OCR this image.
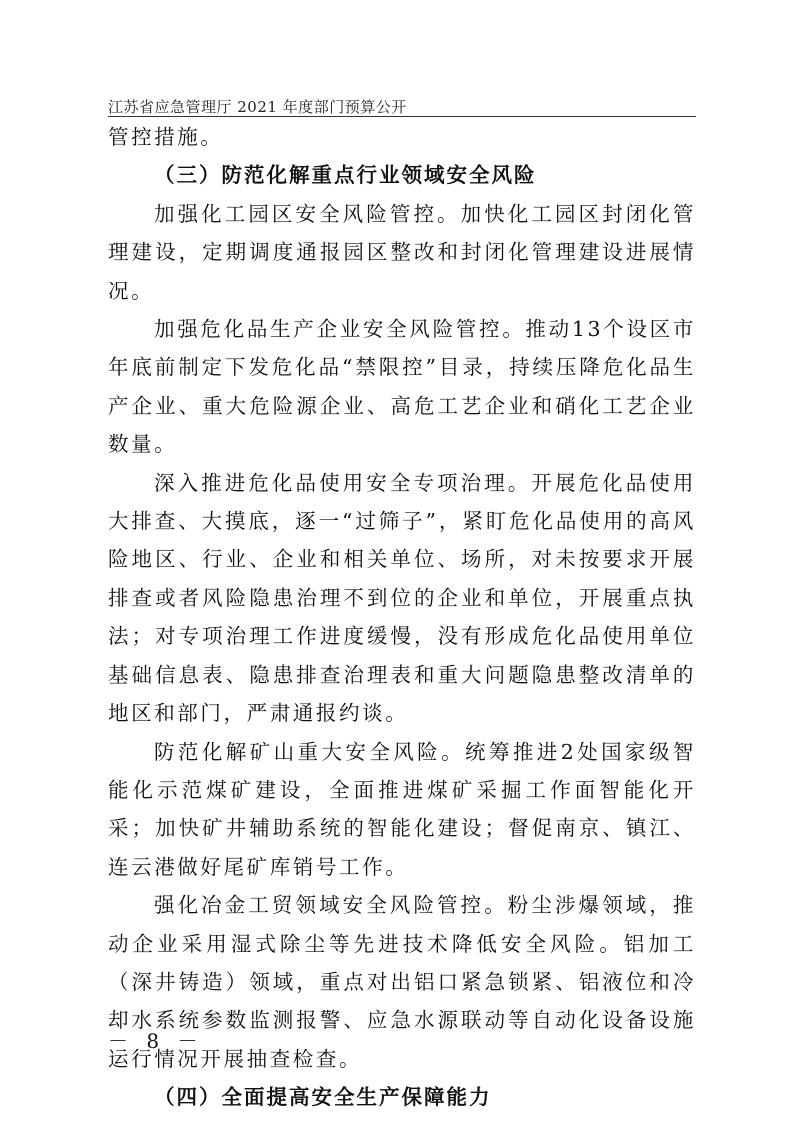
江苏省应急管理厅 2021 年度部门预算公开

管控措施。

（三）防范化解重点行业领域安全风险

加强化工园区安全风险管控。加快化工园区封闭化管理建设，定期调度通报园区整改和封闭化管理建设进展情况。

加强危化品生产企业安全风险管控。推动13个设区市年底前制定下发危化品“禁限控”目录，持续压降危化品生产企业、重大危险源企业、高危工艺企业和硝化工艺企业数量。

深入推进危化品使用安全专项治理。开展危化品使用大排查、大摸底，逐一“过筛子”，紧盯危化品使用的高风险地区、行业、企业和相关单位、场所，对未按要求开展排查或者风险隐患治理不到位的企业和单位，开展重点执法；对专项治理工作进度缓慢，没有形成危化品使用单位基础信息表、隐患排查治理表和重大问题隐患整改清单的地区和部门，严肃通报约谈。

防范化解矿山重大安全风险。统筹推进2处国家级智能化示范煤矿建设，全面推进煤矿采掘工作面智能化开采；加快矿井辅助系统的智能化建设；督促南京、镇江、连云港做好尾矿库销号工作。

强化冶金工贸领域安全风险管控。粉尘涉爆领域，推动企业采用湿式除尘等先进技术降低安全风险。铝加工（深井铸造）领域，重点对出铝口紧急锁紧、铝液位和冷却水系统参数监测报警、应急水源联动等自动化设备设施运行情况开展抽查检查。

（四）全面提高安全生产保障能力
－ 8 －
